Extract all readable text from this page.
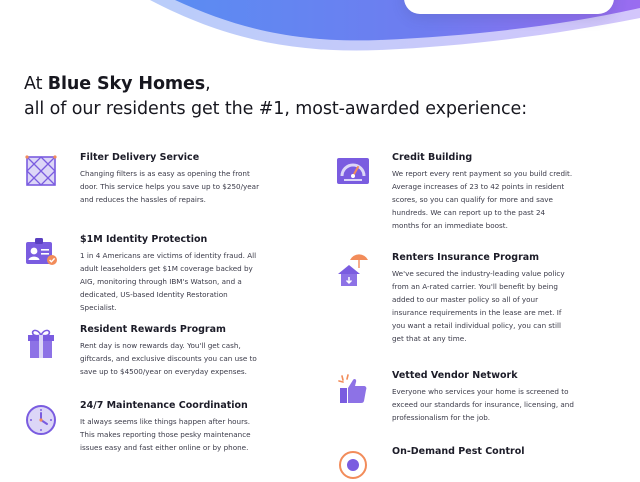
At Blue Sky Homes,
all of our residents get the #1, most-awarded experience:

Filter Delivery Service

Changing filters is as easy as opening the front door. This service helps you save up to $250/year and reduces the hassles of repairs.

$1M Identity Protection

1 in 4 Americans are victims of identity fraud. All adult leaseholders get $1M coverage backed by AIG, monitoring through IBM's Watson, and a dedicated, US-based Identity Restoration Specialist.

Resident Rewards Program

Rent day is now rewards day. You'll get cash, giftcards, and exclusive discounts you can use to save up to $4500/year on everyday expenses.

24/7 Maintenance Coordination

It always seems like things happen after hours. This makes reporting those pesky maintenance issues easy and fast either online or by phone.

Credit Building

We report every rent payment so you build credit. Average increases of 23 to 42 points in resident scores, so you can qualify for more and save hundreds. We can report up to the past 24 months for an immediate boost.

Renters Insurance Program

We've secured the industry-leading value policy from an A-rated carrier. You'll benefit by being added to our master policy so all of your insurance requirements in the lease are met. If you want a retail individual policy, you can still get that at any time.

Vetted Vendor Network

Everyone who services your home is screened to exceed our standards for insurance, licensing, and professionalism for the job.

On-Demand Pest Control
